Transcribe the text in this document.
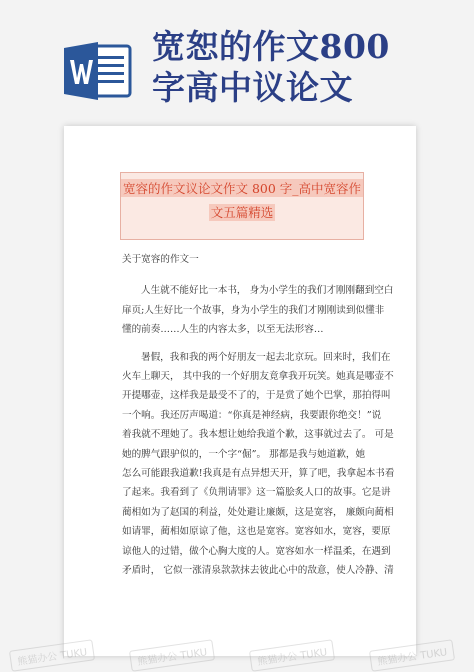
宽恕的作文800
字高中议论文
宽容的作文议论文作文 800 字_高中宽容作
文五篇精选

关于宽容的作文一

人生就不能好比一本书， 身为小学生的我们才刚刚翻到空白

扉页;人生好比一个故事，身为小学生的我们才刚刚读到似懂非

懂的前奏……人生的内容太多，以至无法形容…

暑假，我和我的两个好朋友一起去北京玩。回来时，我们在

火车上聊天， 其中我的一个好朋友竟拿我开玩笑。她真是哪壶不

开提哪壶，这样我是最受不了的，于是赏了她个巴掌，那拍得叫

一个响。我还厉声喝道：“你真是神经病，我要跟你绝交！”说

着我就不理她了。我本想让她给我道个歉，这事就过去了。 可是

她的脾气跟驴似的，一个字“倔”。 那都是我与她道歉，她

怎么可能跟我道歉!我真是有点异想天开，算了吧，我拿起本书看

了起来。我看到了《负荆请罪》这一篇脍炙人口的故事。它是讲

蔺相如为了赵国的利益，处处避让廉颇，这是宽容， 廉颇向蔺相

如请罪，蔺相如原谅了他，这也是宽容。宽容如水，宽容，要原

谅他人的过错，做个心胸大度的人。宽容如水一样温柔，在遇到

矛盾时， 它似一涨清泉款款抹去彼此心中的敌意，使人冷静、清

熊猫办公 TUKU	熊猫办公 TUKU	熊猫办公 TUKU	熊猫办公 TUKU
